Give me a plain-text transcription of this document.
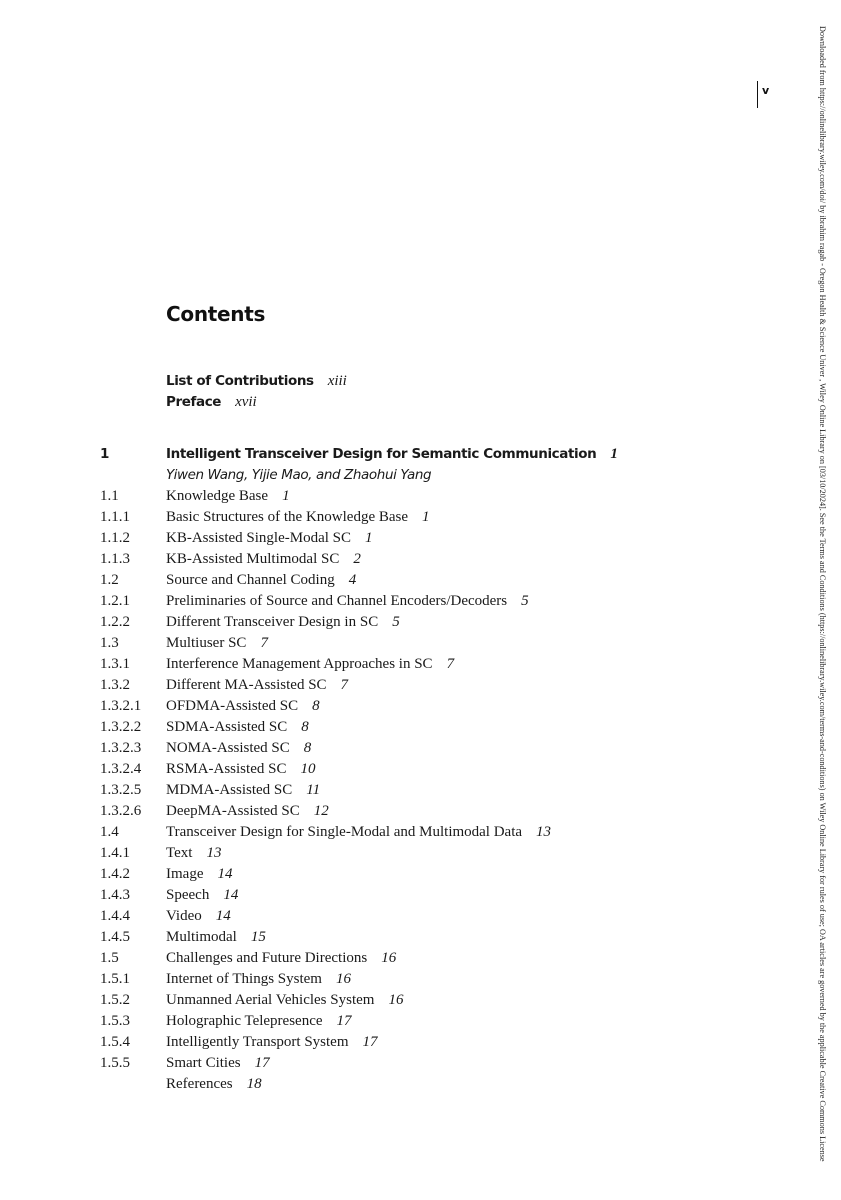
Downloaded from https://onlinelibrary.wiley.com/doi/ by ibrahim ragab - Oregon Health & Science Univer , Wiley Online Library on [03/10/2024]. See the Terms and Conditions (https://onlinelibrary.wiley.com/terms-and-conditions) on Wiley Online Library for rules of use; OA articles are governed by the applicable Creative Commons License
v
Contents
List of Contributions xiii
Preface xvii
1	Intelligent Transceiver Design for Semantic Communication 1
Yiwen Wang, Yijie Mao, and Zhaohui Yang
1.1	Knowledge Base 1
1.1.1 Basic Structures of the Knowledge Base 1
1.1.2 KB-Assisted Single-Modal SC 1
1.1.3 KB-Assisted Multimodal SC 2
1.2	Source and Channel Coding 4
1.2.1 Preliminaries of Source and Channel Encoders/Decoders 5
1.2.2 Different Transceiver Design in SC 5
1.3	Multiuser SC 7
1.3.1 Interference Management Approaches in SC 7
1.3.2 Different MA-Assisted SC 7
1.3.2.1 OFDMA-Assisted SC 8
1.3.2.2 SDMA-Assisted SC 8
1.3.2.3 NOMA-Assisted SC 8
1.3.2.4 RSMA-Assisted SC 10
1.3.2.5 MDMA-Assisted SC 11
1.3.2.6 DeepMA-Assisted SC 12
1.4	Transceiver Design for Single-Modal and Multimodal Data 13
1.4.1 Text 13
1.4.2 Image 14
1.4.3 Speech 14
1.4.4 Video 14
1.4.5 Multimodal 15
1.5	Challenges and Future Directions 16
1.5.1 Internet of Things System 16
1.5.2 Unmanned Aerial Vehicles System 16
1.5.3 Holographic Telepresence 17
1.5.4 Intelligently Transport System 17
1.5.5 Smart Cities 17
References 18
